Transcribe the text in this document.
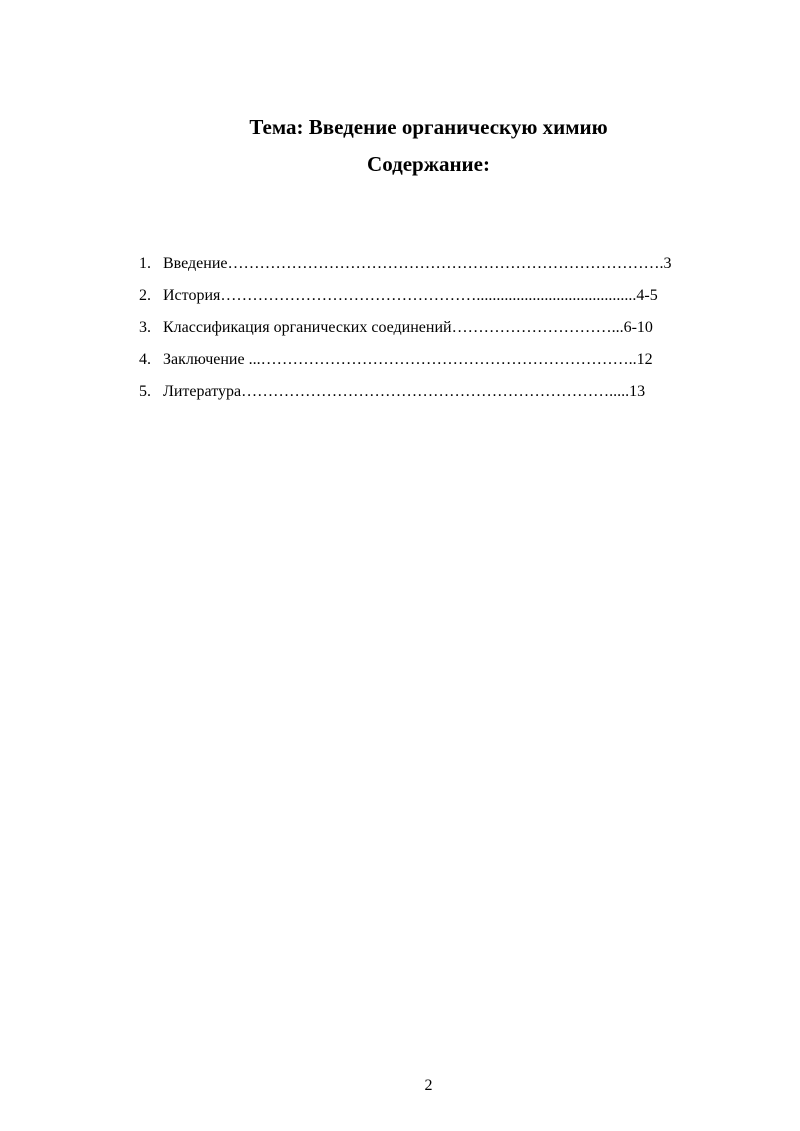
Тема: Введение органическую химию
Содержание:
1. Введение……………………………………………………………………….3
2. История…………………………………………........................................4-5
3. Классификация органических соединений…………………………...6-10
4. Заключение ...……………………………………………………………..12
5. Литература…………………………………………………………….....13
2
